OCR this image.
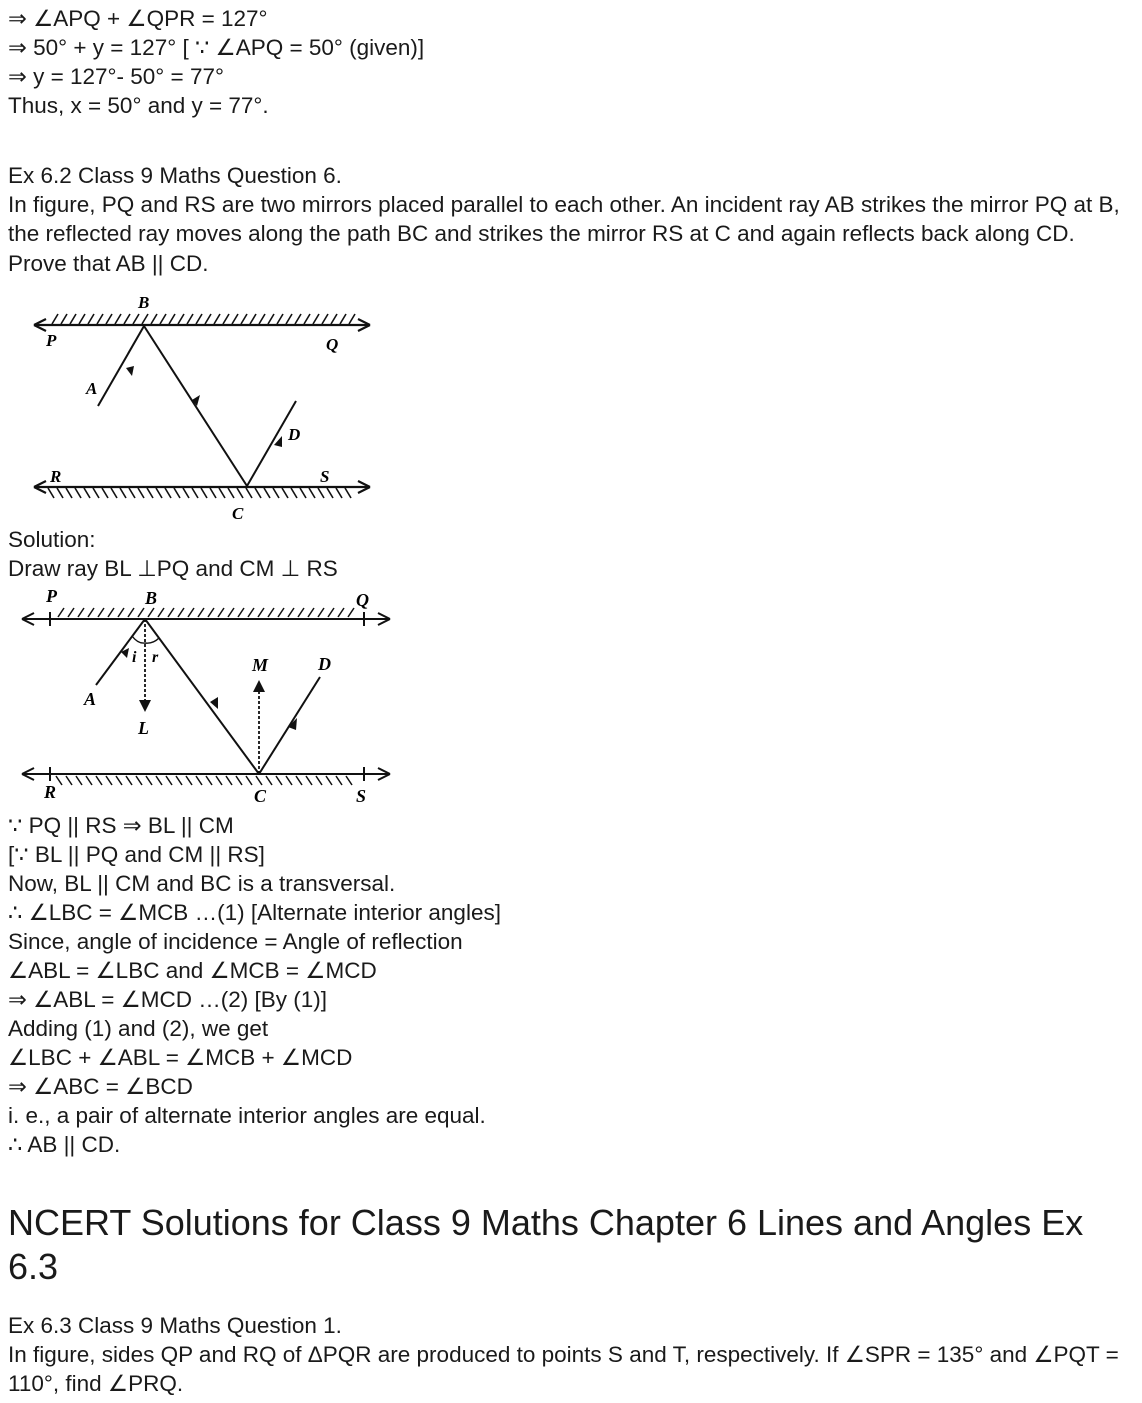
⇒ ∠APQ + ∠QPR = 127°

⇒ 50° + y = 127° [ ∵ ∠APQ = 50° (given)]

⇒ y = 127°- 50° = 77°

Thus, x = 50° and y = 77°.

Ex 6.2 Class 9 Maths Question 6.

In figure, PQ and RS are two mirrors placed parallel to each other. An incident ray AB strikes the mirror PQ at B, the reflected ray moves along the path BC and strikes the mirror RS at C and again reflects back along CD. Prove that AB || CD.

B
P	Q
A
D
R	S
C

Solution:

Draw ray BL ⊥PQ and CM ⊥ RS

P	B	Q
i r	M	D
A
L
R	C	S

∵ PQ || RS ⇒ BL || CM

[∵ BL || PQ and CM || RS]

Now, BL || CM and BC is a transversal.

∴ ∠LBC = ∠MCB …(1) [Alternate interior angles]

Since, angle of incidence = Angle of reflection

∠ABL = ∠LBC and ∠MCB = ∠MCD

⇒ ∠ABL = ∠MCD …(2) [By (1)]

Adding (1) and (2), we get

∠LBC + ∠ABL = ∠MCB + ∠MCD

⇒ ∠ABC = ∠BCD

i. e., a pair of alternate interior angles are equal.

∴ AB || CD.

NCERT Solutions for Class 9 Maths Chapter 6 Lines and Angles Ex 6.3

Ex 6.3 Class 9 Maths Question 1.

In figure, sides QP and RQ of ΔPQR are produced to points S and T, respectively. If ∠SPR = 135° and ∠PQT = 110°, find ∠PRQ.
